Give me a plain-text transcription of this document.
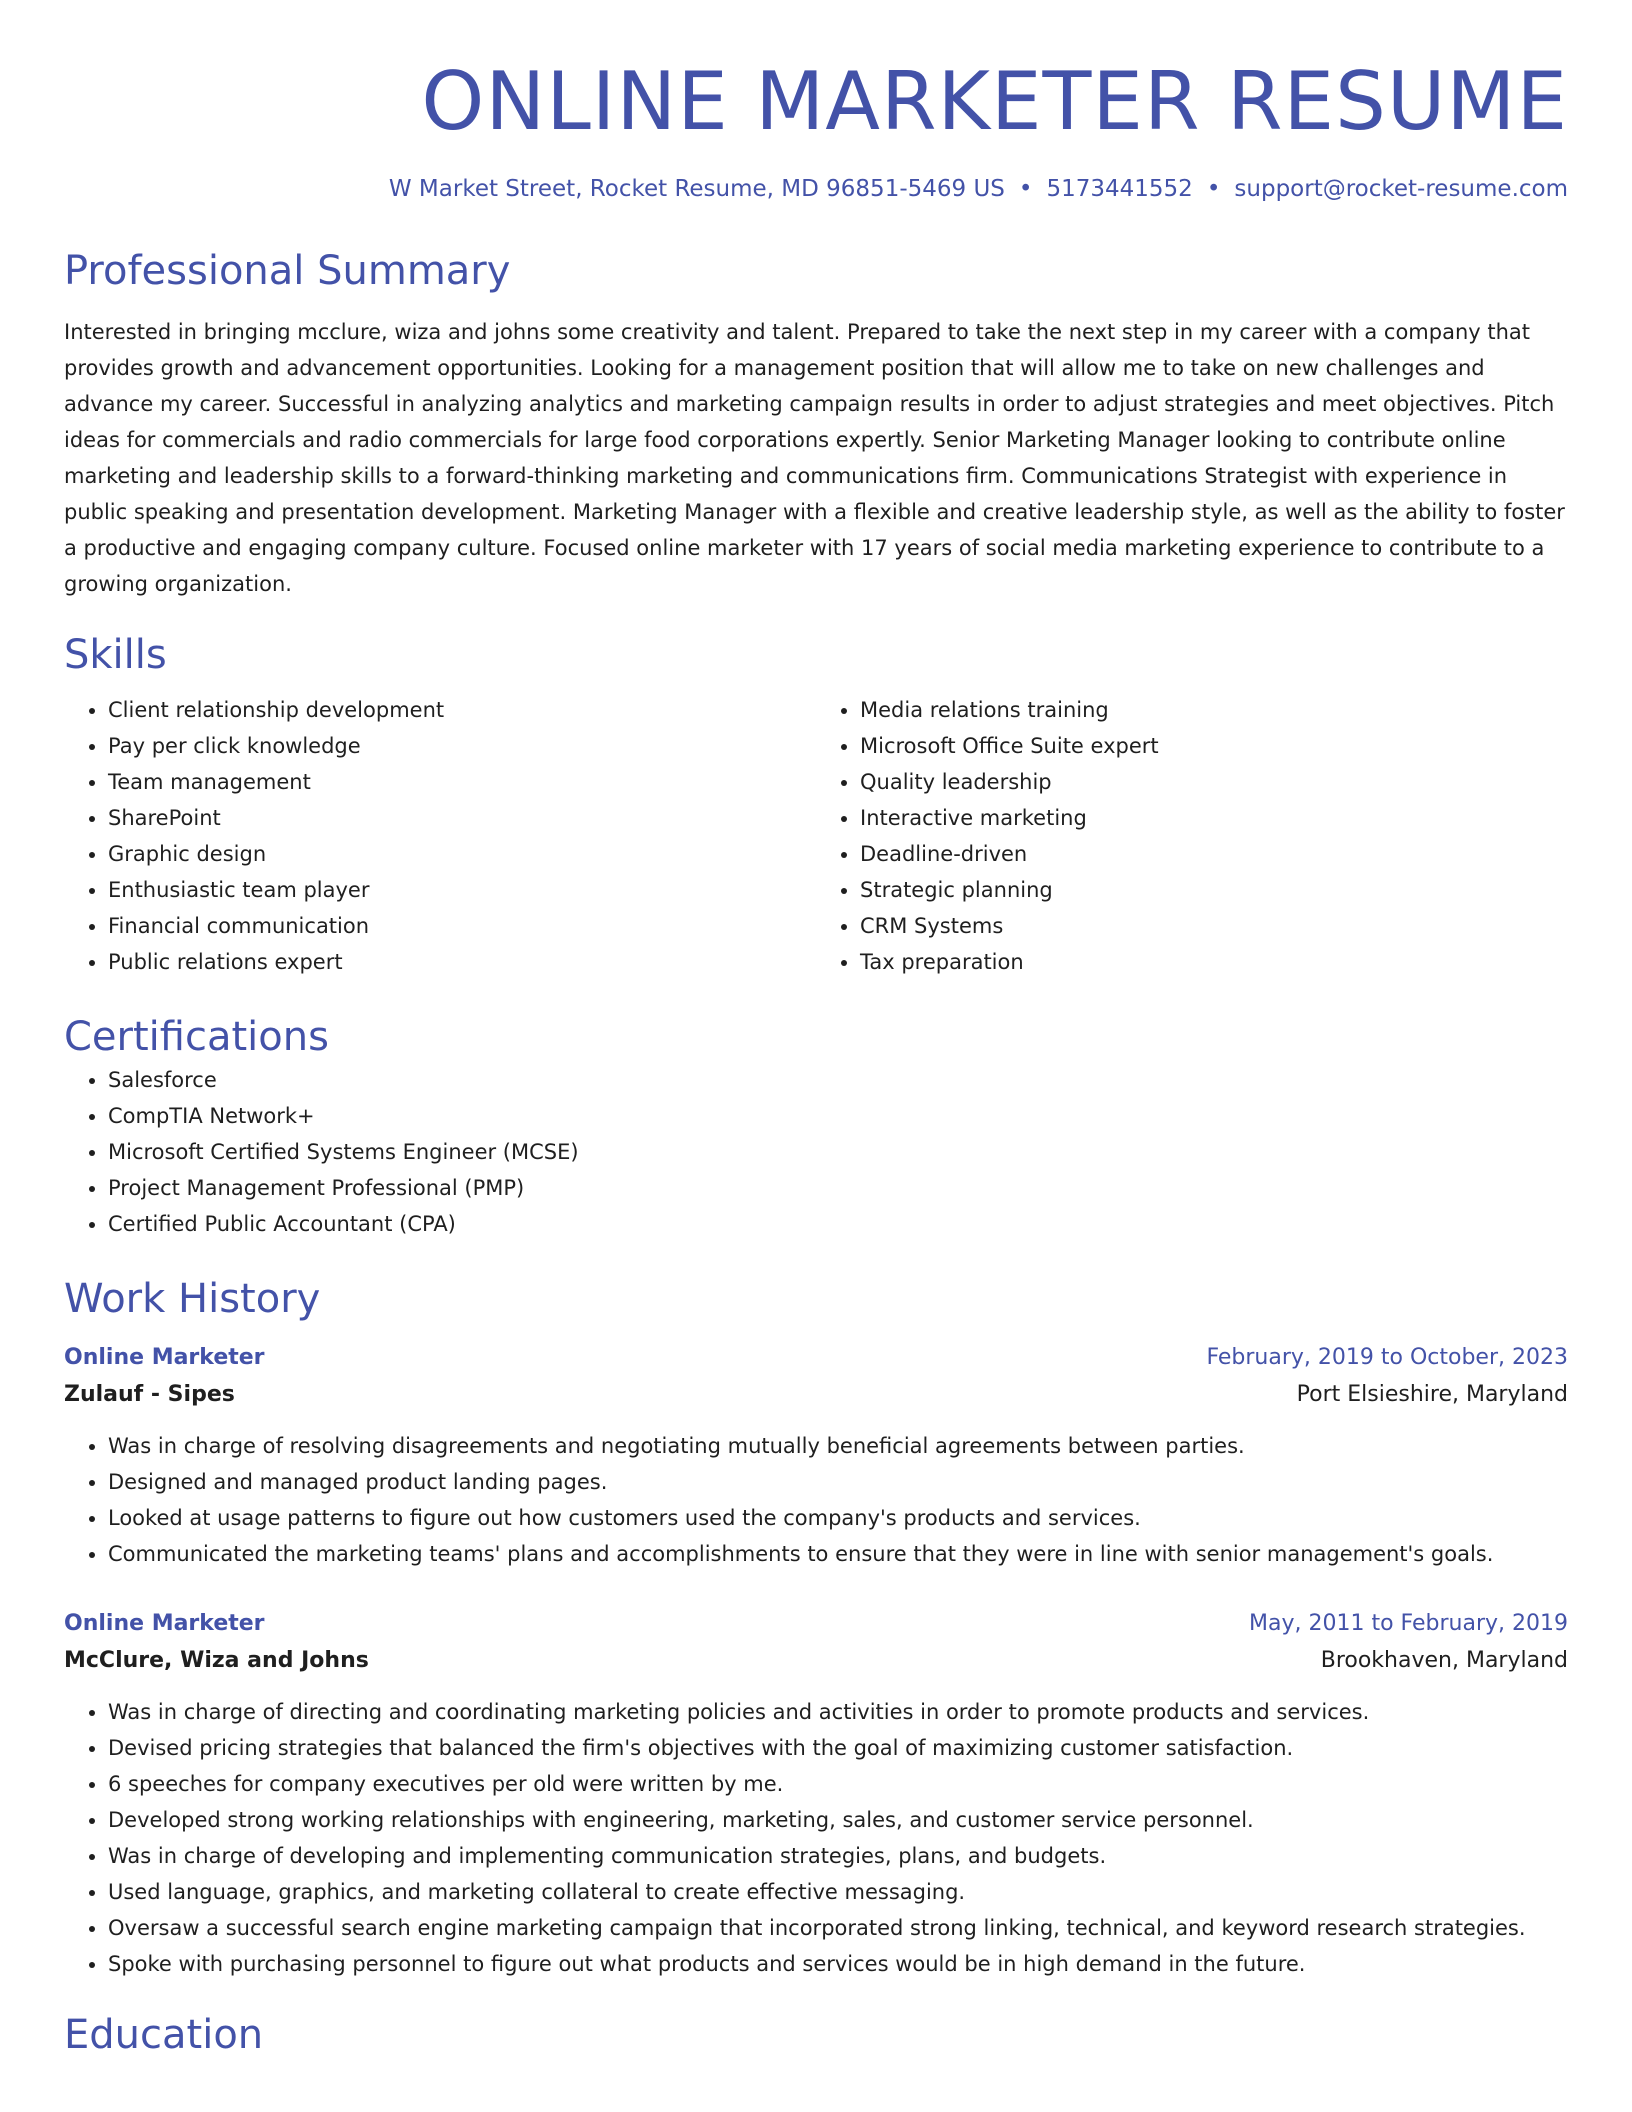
ONLINE MARKETER RESUME
W Market Street, Rocket Resume, MD 96851-5469 US • 5173441552 • support@rocket-resume.com
Professional Summary

Interested in bringing mcclure, wiza and johns some creativity and talent. Prepared to take the next step in my career with a company that provides growth and advancement opportunities. Looking for a management position that will allow me to take on new challenges and advance my career. Successful in analyzing analytics and marketing campaign results in order to adjust strategies and meet objectives. Pitch ideas for commercials and radio commercials for large food corporations expertly. Senior Marketing Manager looking to contribute online marketing and leadership skills to a forward-thinking marketing and communications firm. Communications Strategist with experience in public speaking and presentation development. Marketing Manager with a flexible and creative leadership style, as well as the ability to foster a productive and engaging company culture. Focused online marketer with 17 years of social media marketing experience to contribute to a growing organization.

Skills
• Client relationship development
• Pay per click knowledge
• Team management
• SharePoint
• Graphic design
• Enthusiastic team player
• Financial communication
• Public relations expert
• Media relations training
• Microsoft Office Suite expert
• Quality leadership
• Interactive marketing
• Deadline-driven
• Strategic planning
• CRM Systems
• Tax preparation
Certifications
• Salesforce
• CompTIA Network+
• Microsoft Certified Systems Engineer (MCSE)
• Project Management Professional (PMP)
• Certified Public Accountant (CPA)
Work History
Online Marketer	February, 2019 to October, 2023
Zulauf - Sipes	Port Elsieshire, Maryland
• Was in charge of resolving disagreements and negotiating mutually beneficial agreements between parties.
• Designed and managed product landing pages.
• Looked at usage patterns to figure out how customers used the company's products and services.
• Communicated the marketing teams' plans and accomplishments to ensure that they were in line with senior management's goals.
Online Marketer	May, 2011 to February, 2019
McClure, Wiza and Johns	Brookhaven, Maryland
• Was in charge of directing and coordinating marketing policies and activities in order to promote products and services.
• Devised pricing strategies that balanced the firm's objectives with the goal of maximizing customer satisfaction.
• 6 speeches for company executives per old were written by me.
• Developed strong working relationships with engineering, marketing, sales, and customer service personnel.
• Was in charge of developing and implementing communication strategies, plans, and budgets.
• Used language, graphics, and marketing collateral to create effective messaging.
• Oversaw a successful search engine marketing campaign that incorporated strong linking, technical, and keyword research strategies.
• Spoke with purchasing personnel to figure out what products and services would be in high demand in the future.
Education
